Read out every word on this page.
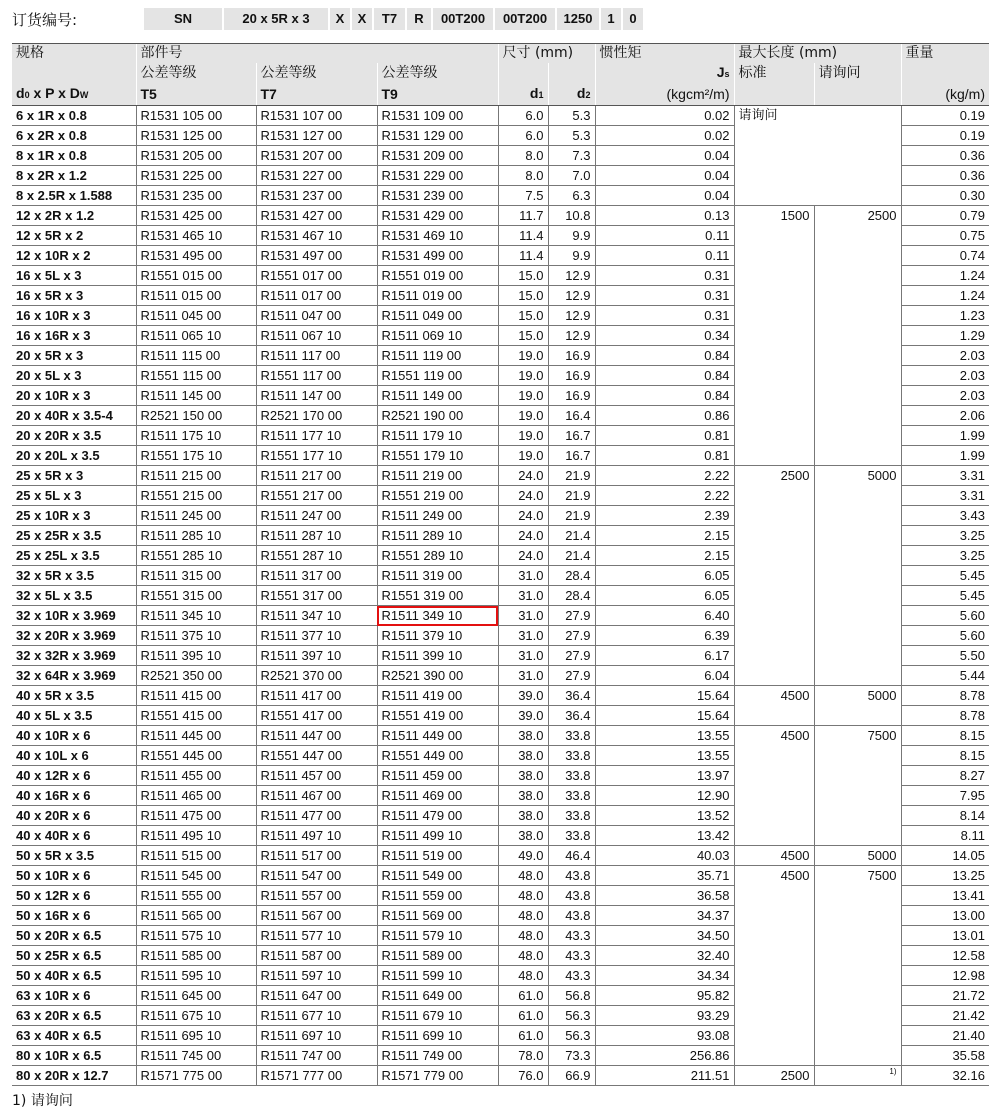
订货编号:	SN	20 x 5R x 3	X	X	T7	R	00T200	00T200	1250	1	0
规格	部件号			尺寸 (mm)		惯性矩	最大长度 (mm)		重量
	公差等级	公差等级	公差等级			Js	标准	请询问	
d0 x P x DW	T5	T7	T9	d1	d2	(kgcm²/m)			(kg/m)
6 x 1R x 0.8	R1531 105 00	R1531 107 00	R1531 109 00	6.0	5.3	0.02	请询问		0.19
6 x 2R x 0.8	R1531 125 00	R1531 127 00	R1531 129 00	6.0	5.3	0.02			0.19
8 x 1R x 0.8	R1531 205 00	R1531 207 00	R1531 209 00	8.0	7.3	0.04			0.36
8 x 2R x 1.2	R1531 225 00	R1531 227 00	R1531 229 00	8.0	7.0	0.04			0.36
8 x 2.5R x 1.588	R1531 235 00	R1531 237 00	R1531 239 00	7.5	6.3	0.04			0.30
12 x 2R x 1.2	R1531 425 00	R1531 427 00	R1531 429 00	11.7	10.8	0.13	1500	2500	0.79
12 x 5R x 2	R1531 465 10	R1531 467 10	R1531 469 10	11.4	9.9	0.11			0.75
12 x 10R x 2	R1531 495 00	R1531 497 00	R1531 499 00	11.4	9.9	0.11			0.74
16 x 5L x 3	R1551 015 00	R1551 017 00	R1551 019 00	15.0	12.9	0.31			1.24
16 x 5R x 3	R1511 015 00	R1511 017 00	R1511 019 00	15.0	12.9	0.31			1.24
16 x 10R x 3	R1511 045 00	R1511 047 00	R1511 049 00	15.0	12.9	0.31			1.23
16 x 16R x 3	R1511 065 10	R1511 067 10	R1511 069 10	15.0	12.9	0.34			1.29
20 x 5R x 3	R1511 115 00	R1511 117 00	R1511 119 00	19.0	16.9	0.84			2.03
20 x 5L x 3	R1551 115 00	R1551 117 00	R1551 119 00	19.0	16.9	0.84			2.03
20 x 10R x 3	R1511 145 00	R1511 147 00	R1511 149 00	19.0	16.9	0.84			2.03
20 x 40R x 3.5-4	R2521 150 00	R2521 170 00	R2521 190 00	19.0	16.4	0.86			2.06
20 x 20R x 3.5	R1511 175 10	R1511 177 10	R1511 179 10	19.0	16.7	0.81			1.99
20 x 20L x 3.5	R1551 175 10	R1551 177 10	R1551 179 10	19.0	16.7	0.81			1.99
25 x 5R x 3	R1511 215 00	R1511 217 00	R1511 219 00	24.0	21.9	2.22	2500	5000	3.31
25 x 5L x 3	R1551 215 00	R1551 217 00	R1551 219 00	24.0	21.9	2.22			3.31
25 x 10R x 3	R1511 245 00	R1511 247 00	R1511 249 00	24.0	21.9	2.39			3.43
25 x 25R x 3.5	R1511 285 10	R1511 287 10	R1511 289 10	24.0	21.4	2.15			3.25
25 x 25L x 3.5	R1551 285 10	R1551 287 10	R1551 289 10	24.0	21.4	2.15			3.25
32 x 5R x 3.5	R1511 315 00	R1511 317 00	R1511 319 00	31.0	28.4	6.05			5.45
32 x 5L x 3.5	R1551 315 00	R1551 317 00	R1551 319 00	31.0	28.4	6.05			5.45
32 x 10R x 3.969	R1511 345 10	R1511 347 10	R1511 349 10	31.0	27.9	6.40			5.60
32 x 20R x 3.969	R1511 375 10	R1511 377 10	R1511 379 10	31.0	27.9	6.39			5.60
32 x 32R x 3.969	R1511 395 10	R1511 397 10	R1511 399 10	31.0	27.9	6.17			5.50
32 x 64R x 3.969	R2521 350 00	R2521 370 00	R2521 390 00	31.0	27.9	6.04			5.44
40 x 5R x 3.5	R1511 415 00	R1511 417 00	R1511 419 00	39.0	36.4	15.64	4500	5000	8.78
40 x 5L x 3.5	R1551 415 00	R1551 417 00	R1551 419 00	39.0	36.4	15.64			8.78
40 x 10R x 6	R1511 445 00	R1511 447 00	R1511 449 00	38.0	33.8	13.55	4500	7500	8.15
40 x 10L x 6	R1551 445 00	R1551 447 00	R1551 449 00	38.0	33.8	13.55			8.15
40 x 12R x 6	R1511 455 00	R1511 457 00	R1511 459 00	38.0	33.8	13.97			8.27
40 x 16R x 6	R1511 465 00	R1511 467 00	R1511 469 00	38.0	33.8	12.90			7.95
40 x 20R x 6	R1511 475 00	R1511 477 00	R1511 479 00	38.0	33.8	13.52			8.14
40 x 40R x 6	R1511 495 10	R1511 497 10	R1511 499 10	38.0	33.8	13.42			8.11
50 x 5R x 3.5	R1511 515 00	R1511 517 00	R1511 519 00	49.0	46.4	40.03	4500	5000	14.05
50 x 10R x 6	R1511 545 00	R1511 547 00	R1511 549 00	48.0	43.8	35.71	4500	7500	13.25
50 x 12R x 6	R1511 555 00	R1511 557 00	R1511 559 00	48.0	43.8	36.58			13.41
50 x 16R x 6	R1511 565 00	R1511 567 00	R1511 569 00	48.0	43.8	34.37			13.00
50 x 20R x 6.5	R1511 575 10	R1511 577 10	R1511 579 10	48.0	43.3	34.50			13.01
50 x 25R x 6.5	R1511 585 00	R1511 587 00	R1511 589 00	48.0	43.3	32.40			12.58
50 x 40R x 6.5	R1511 595 10	R1511 597 10	R1511 599 10	48.0	43.3	34.34			12.98
63 x 10R x 6	R1511 645 00	R1511 647 00	R1511 649 00	61.0	56.8	95.82			21.72
63 x 20R x 6.5	R1511 675 10	R1511 677 10	R1511 679 10	61.0	56.3	93.29			21.42
63 x 40R x 6.5	R1511 695 10	R1511 697 10	R1511 699 10	61.0	56.3	93.08			21.40
80 x 10R x 6.5	R1511 745 00	R1511 747 00	R1511 749 00	78.0	73.3	256.86			35.58
80 x 20R x 12.7	R1571 775 00	R1571 777 00	R1571 779 00	76.0	66.9	211.51	2500	1)	32.16
1) 请询问
